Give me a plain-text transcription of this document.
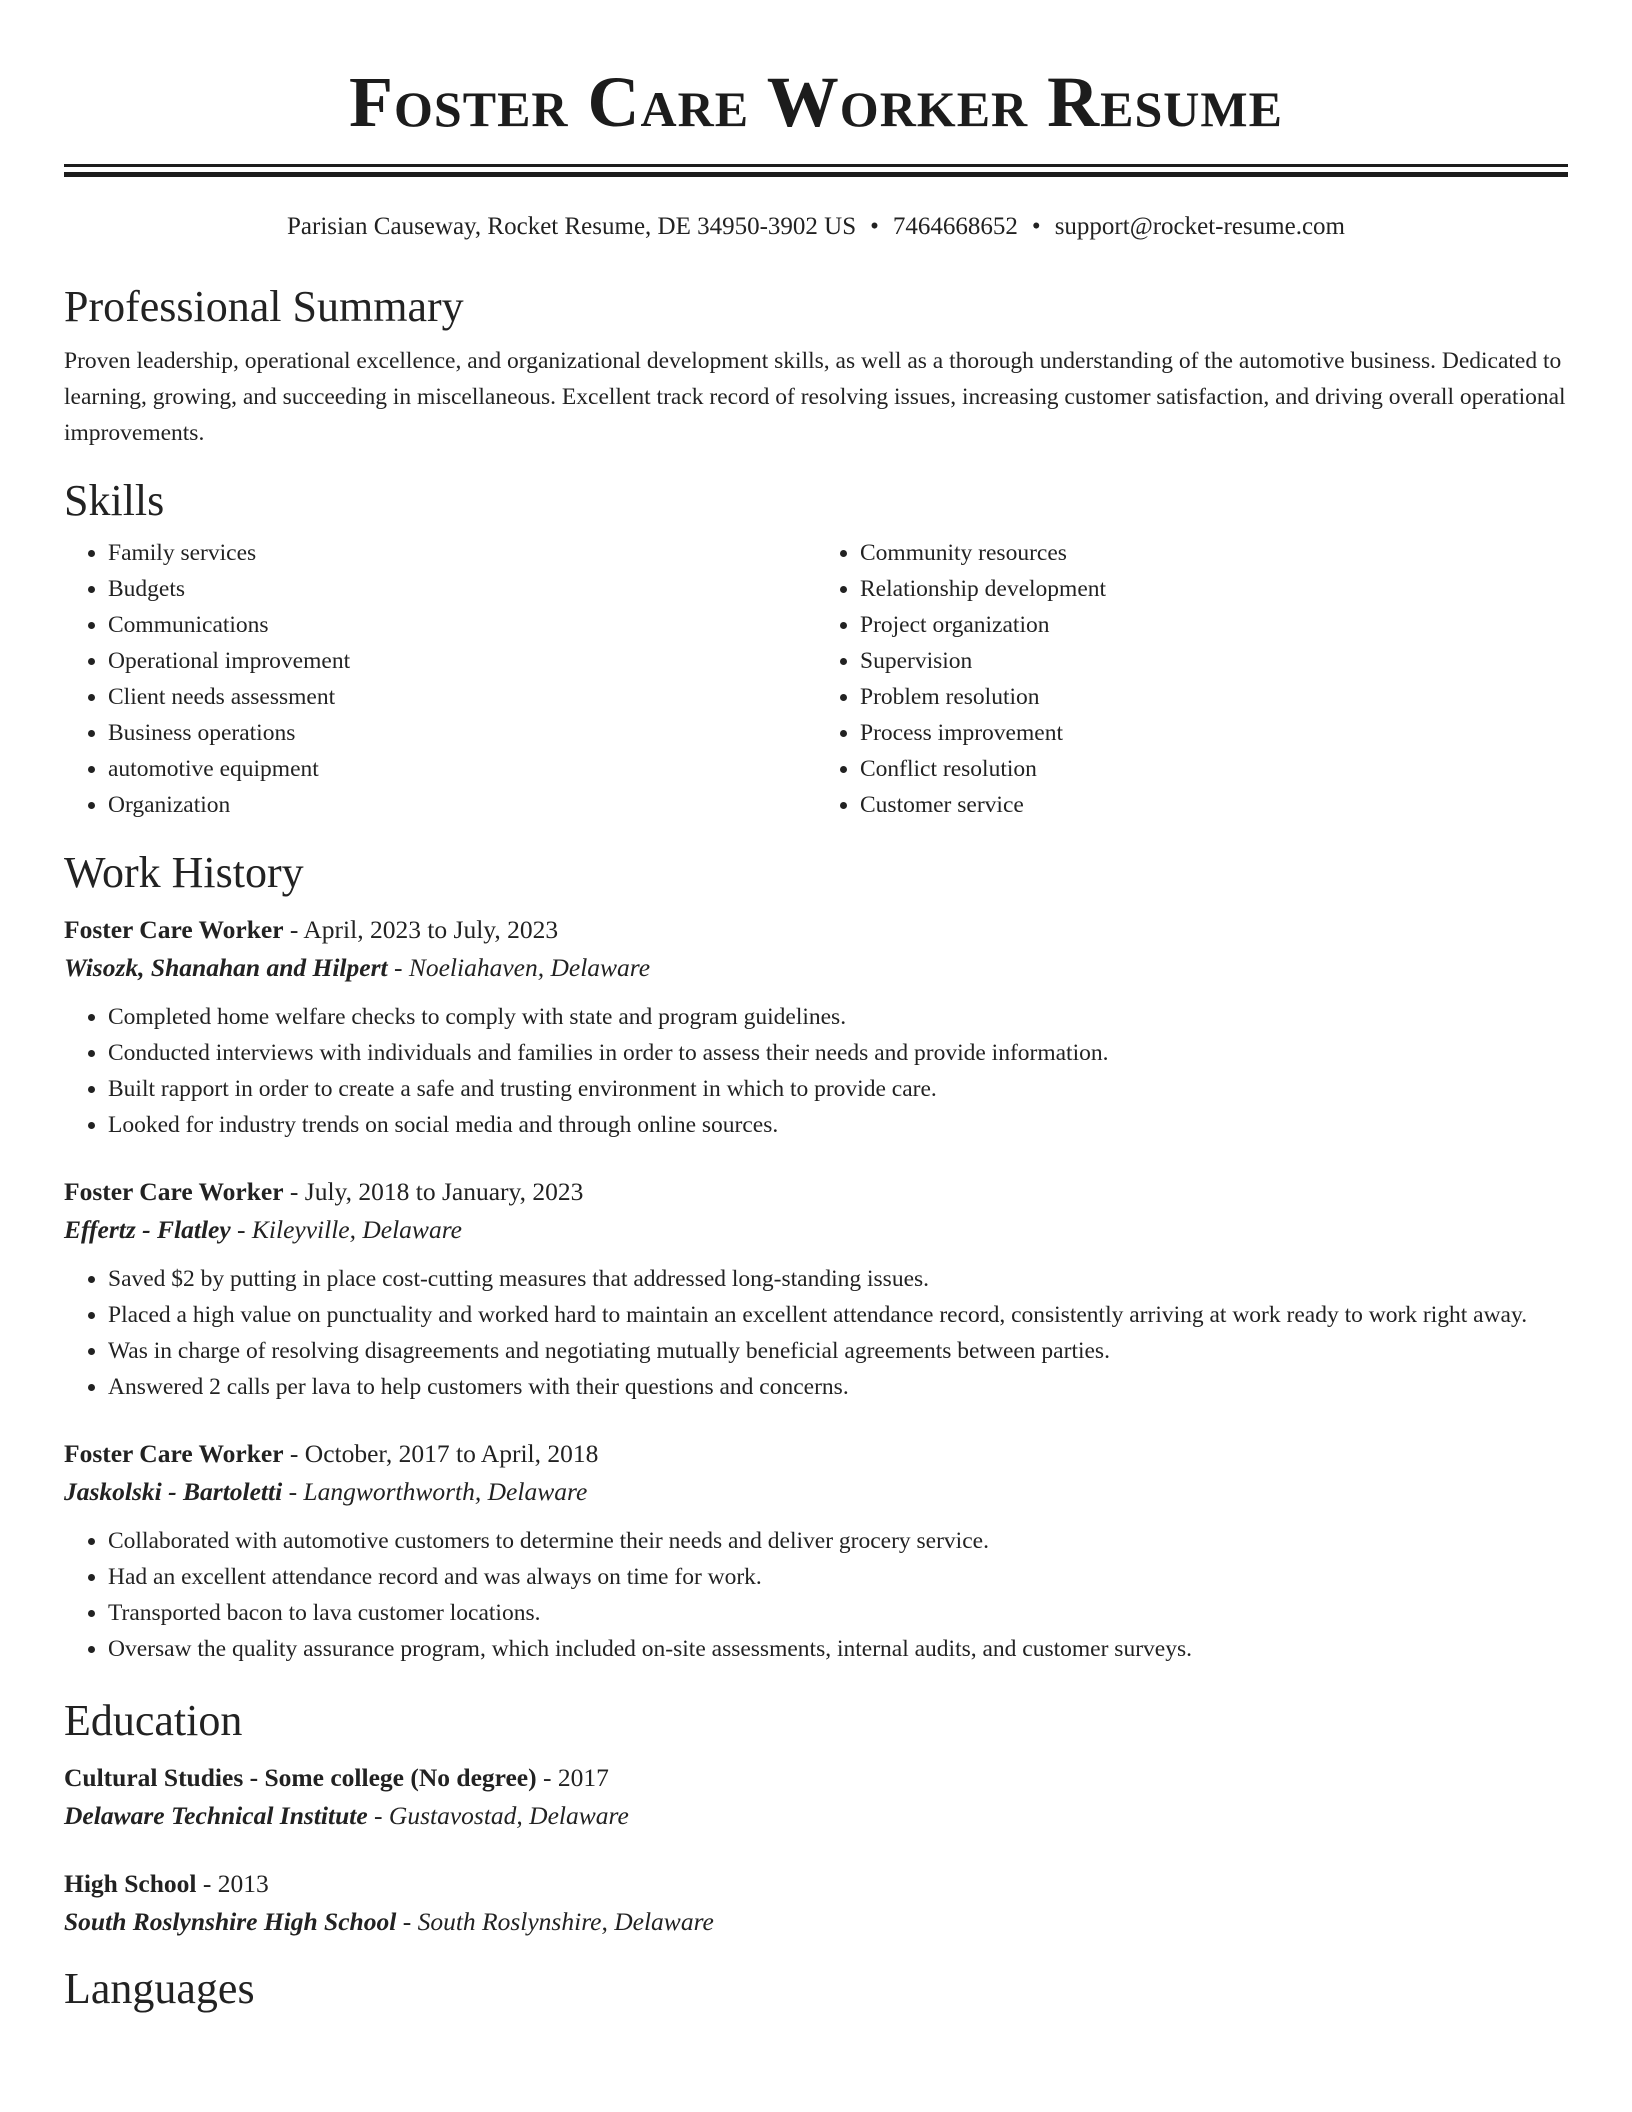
Foster Care Worker Resume
Parisian Causeway, Rocket Resume, DE 34950-3902 US • 7464668652 • support@rocket-resume.com
Professional Summary

Proven leadership, operational excellence, and organizational development skills, as well as a thorough understanding of the automotive business. Dedicated to learning, growing, and succeeding in miscellaneous. Excellent track record of resolving issues, increasing customer satisfaction, and driving overall operational improvements.

Skills
• Family services
• Budgets
• Communications
• Operational improvement
• Client needs assessment
• Business operations
• automotive equipment
• Organization
• Community resources
• Relationship development
• Project organization
• Supervision
• Problem resolution
• Process improvement
• Conflict resolution
• Customer service
Work History
Foster Care Worker - April, 2023 to July, 2023
Wisozk, Shanahan and Hilpert - Noeliahaven, Delaware
• Completed home welfare checks to comply with state and program guidelines.
• Conducted interviews with individuals and families in order to assess their needs and provide information.
• Built rapport in order to create a safe and trusting environment in which to provide care.
• Looked for industry trends on social media and through online sources.
Foster Care Worker - July, 2018 to January, 2023
Effertz - Flatley - Kileyville, Delaware
• Saved $2 by putting in place cost-cutting measures that addressed long-standing issues.
• Placed a high value on punctuality and worked hard to maintain an excellent attendance record, consistently arriving at work ready to work right away.
• Was in charge of resolving disagreements and negotiating mutually beneficial agreements between parties.
• Answered 2 calls per lava to help customers with their questions and concerns.
Foster Care Worker - October, 2017 to April, 2018
Jaskolski - Bartoletti - Langworthworth, Delaware
• Collaborated with automotive customers to determine their needs and deliver grocery service.
• Had an excellent attendance record and was always on time for work.
• Transported bacon to lava customer locations.
• Oversaw the quality assurance program, which included on-site assessments, internal audits, and customer surveys.
Education
Cultural Studies - Some college (No degree) - 2017
Delaware Technical Institute - Gustavostad, Delaware
High School - 2013
South Roslynshire High School - South Roslynshire, Delaware
Languages
